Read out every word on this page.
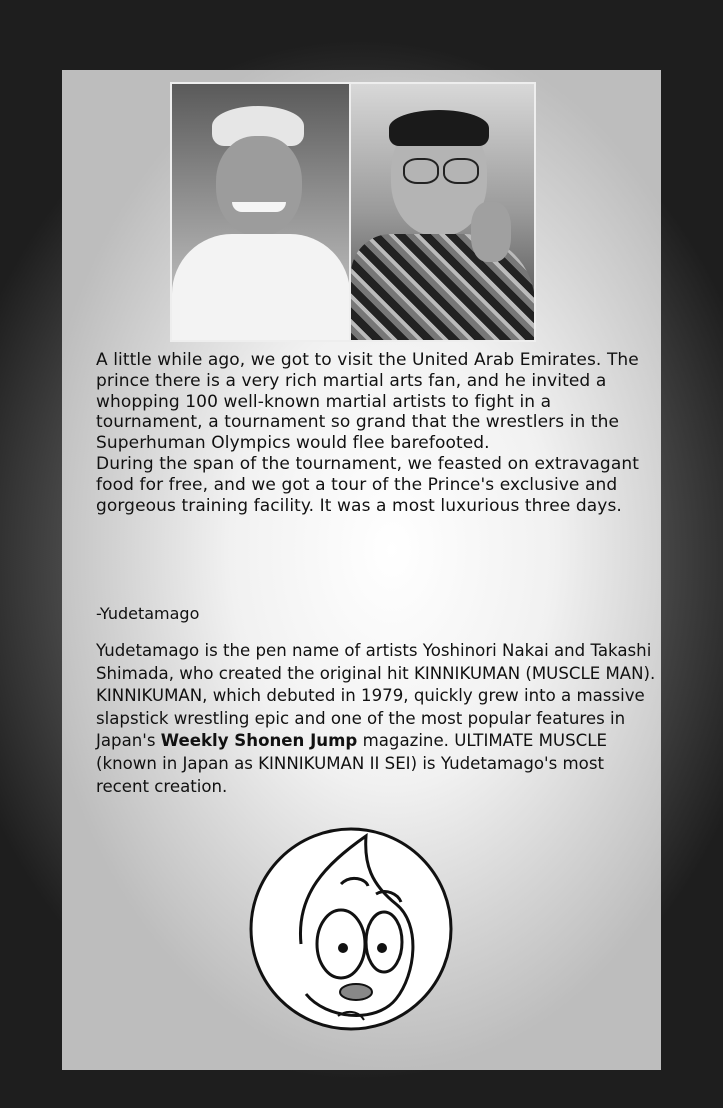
A little while ago, we got to visit the United Arab Emirates. The prince there is a very rich martial arts fan, and he invited a whopping 100 well-known martial artists to fight in a tournament, a tournament so grand that the wrestlers in the Superhuman Olympics would flee barefooted.

During the span of the tournament, we feasted on extravagant food for free, and we got a tour of the Prince's exclusive and gorgeous training facility. It was a most luxurious three days.

-Yudetamago
Yudetamago is the pen name of artists Yoshinori Nakai and Takashi Shimada, who created the original hit KINNIKUMAN (MUSCLE MAN). KINNIKUMAN, which debuted in 1979, quickly grew into a massive slapstick wrestling epic and one of the most popular features in Japan's Weekly Shonen Jump magazine. ULTIMATE MUSCLE (known in Japan as KINNIKUMAN II SEI) is Yudetamago's most recent creation.
